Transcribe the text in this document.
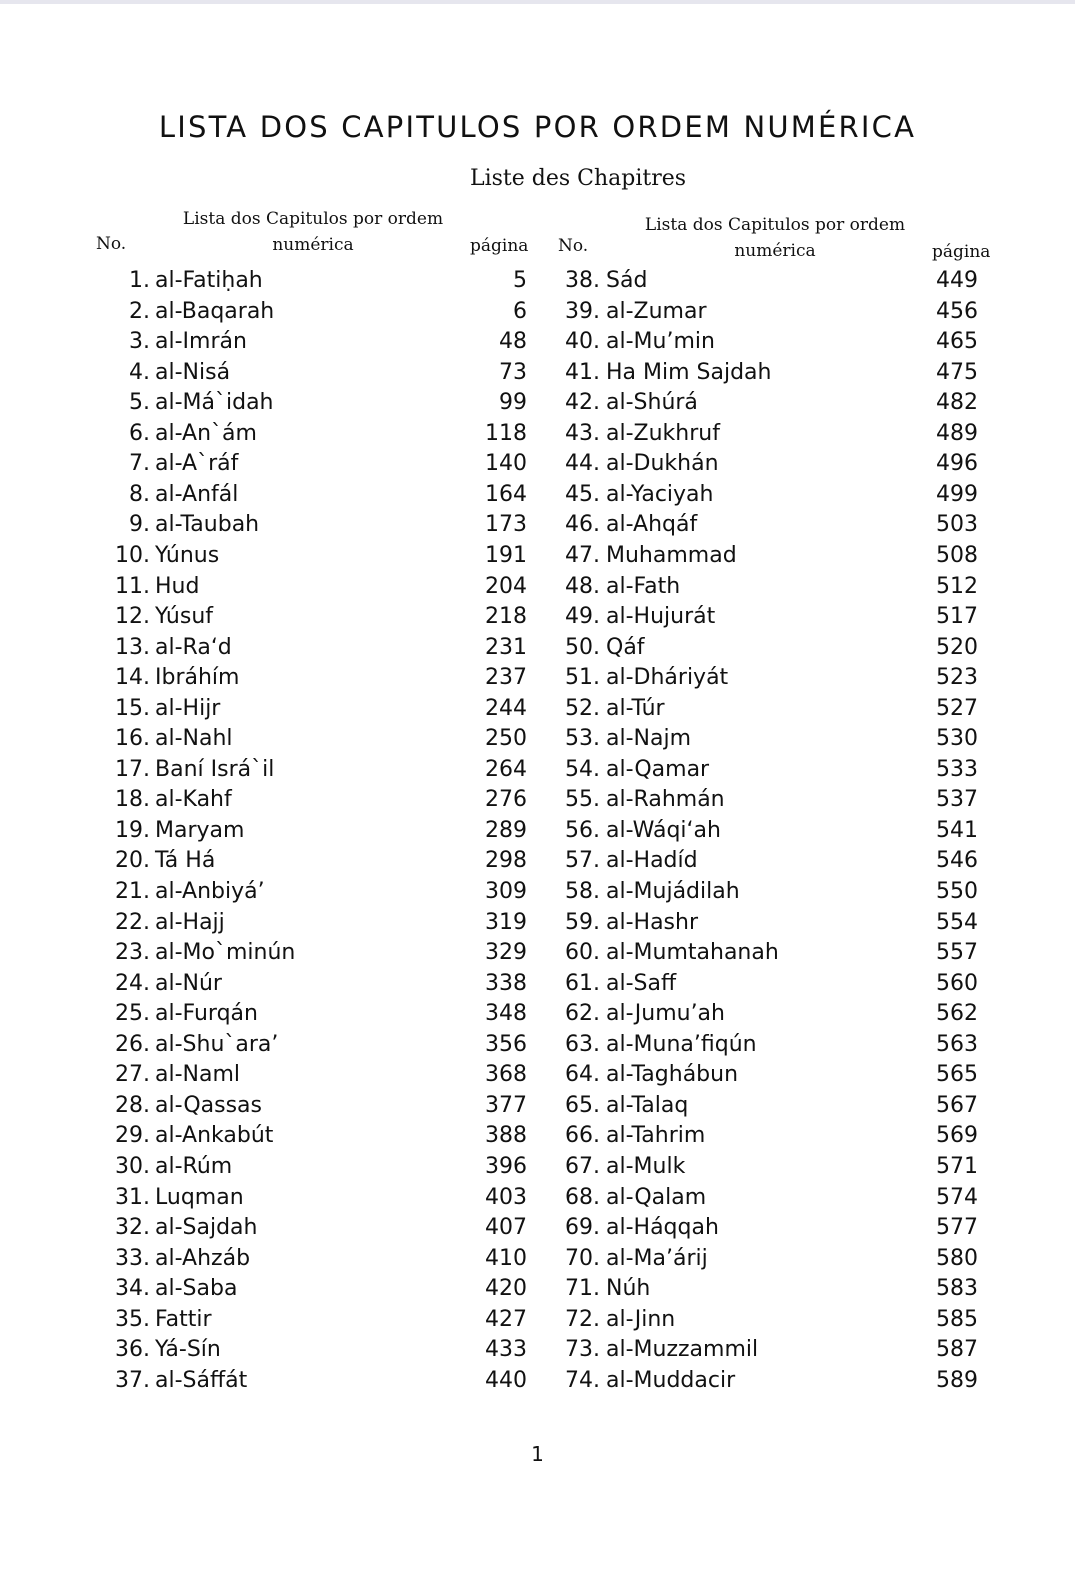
LISTA DOS CAPITULOS POR ORDEM NUMÉRICA
Liste des Chapitres
No.
Lista dos Capitulos por ordem
numérica	página No.
Lista dos Capitulos por ordem
numérica	página
1. al-Fatiḥah	5
2. al-Baqarah	6
3. al-Imrán	48
4. al-Nisá	73
5. al-Má`idah	99
6. al-An`ám	118
7. al-A`ráf	140
8. al-Anfál	164
9. al-Taubah	173
10. Yúnus	191
11. Hud	204
12. Yúsuf	218
13. al-Ra‘d	231
14. Ibráhím	237
15. al-Hijr	244
16. al-Nahl	250
17. Baní Isrá`il	264
18. al-Kahf	276
19. Maryam	289
20. Tá Há	298
21. al-Anbiyá’	309
22. al-Hajj	319
23. al-Mo`minún	329
24. al-Núr	338
25. al-Furqán	348
26. al-Shu`ara’	356
27. al-Naml	368
28. al-Qassas	377
29. al-Ankabút	388
30. al-Rúm	396
31. Luqman	403
32. al-Sajdah	407
33. al-Ahzáb	410
34. al-Saba	420
35. Fattir	427
36. Yá-Sín	433
37. al-Sáffát	440
38. Sád	449
39. al-Zumar	456
40. al-Mu’min	465
41. Ha Mim Sajdah	475
42. al-Shúrá	482
43. al-Zukhruf	489
44. al-Dukhán	496
45. al-Yaciyah	499
46. al-Ahqáf	503
47. Muhammad	508
48. al-Fath	512
49. al-Hujurát	517
50. Qáf	520
51. al-Dháriyát	523
52. al-Túr	527
53. al-Najm	530
54. al-Qamar	533
55. al-Rahmán	537
56. al-Wáqi‘ah	541
57. al-Hadíd	546
58. al-Mujádilah	550
59. al-Hashr	554
60. al-Mumtahanah	557
61. al-Saff	560
62. al-Jumu’ah	562
63. al-Muna’fiqún	563
64. al-Taghábun	565
65. al-Talaq	567
66. al-Tahrim	569
67. al-Mulk	571
68. al-Qalam	574
69. al-Háqqah	577
70. al-Ma’árij	580
71. Núh	583
72. al-Jinn	585
73. al-Muzzammil	587
74. al-Muddacir	589
1
